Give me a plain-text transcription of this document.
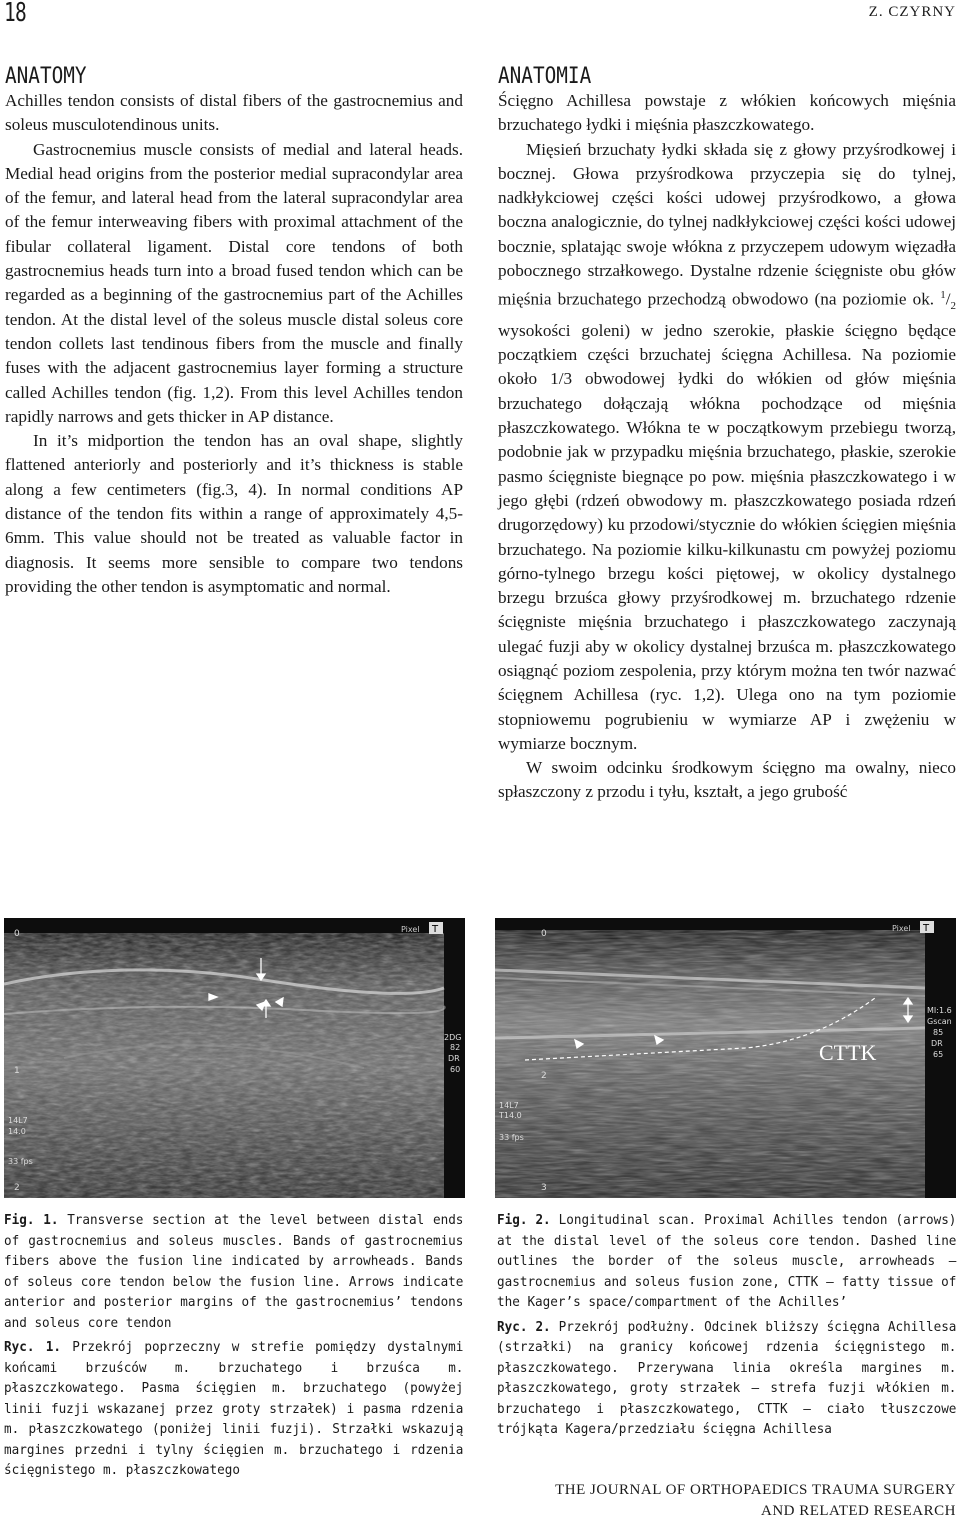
18	Z. CZYRNY
ANATOMY

Achilles tendon consists of distal fibers of the gastrocnemius and soleus musculotendinous units.

Gastrocnemius muscle consists of medial and lateral heads. Medial head origins from the posterior medial supracondylar area of the femur, and lateral head from the lateral supracondylar area of the femur interweaving fibers with proximal attachment of the fibular collateral ligament. Distal core tendons of both gastrocnemius heads turn into a broad fused tendon which can be regarded as a beginning of the gastrocnemius part of the Achilles tendon. At the distal level of the soleus muscle distal soleus core tendon collets last tendinous fibers from the muscle and finally fuses with the adjacent gastrocnemius layer forming a structure called Achilles tendon (fig. 1,2). From this level Achilles tendon rapidly narrows and gets thicker in AP distance.

In it’s midportion the tendon has an oval shape, slightly flattened anteriorly and posteriorly and it’s thickness is stable along a few centimeters (fig.3, 4). In normal conditions AP distance of the tendon fits within a range of approximately 4,5-6mm. This value should not be treated as valuable factor in diagnosis. It seems more sensible to compare two tendons providing the other tendon is asymptomatic and normal.

ANATOMIA

Ścięgno Achillesa powstaje z włókien końcowych mięśnia brzuchatego łydki i mięśnia płaszczkowatego.

Mięsień brzuchaty łydki składa się z głowy przyśrodkowej i bocznej. Głowa przyśrodkowa przyczepia się do tylnej, nadkłykciowej części kości udowej przyśrodkowo, a głowa boczna analogicznie, do tylnej nadkłykciowej części kości udowej bocznie, splatając swoje włókna z przyczepem udowym więzadła pobocznego strzałkowego. Dystalne rdzenie ścięgniste obu głów mięśnia brzuchatego przechodzą obwodowo (na poziomie ok. $^1/_2$ wysokości goleni) w jedno szerokie, płaskie ścięgno będące początkiem części brzuchatej ścięgna Achillesa. Na poziomie około 1/3 obwodowej łydki do włókien od głów mięśnia brzuchatego dołączają włókna pochodzące od mięśnia płaszczkowatego. Włókna te w początkowym przebiegu tworzą, podobnie jak w przypadku mięśnia brzuchatego, płaskie, szerokie pasmo ścięgniste biegnące po pow. mięśnia płaszczkowatego i w jego głębi (rdzeń obwodowy m. płaszczkowatego posiada rdzeń drugorzędowy) ku przodowi/stycznie do włókien ścięgien mięśnia brzuchatego. Na poziomie kilku-kilkunastu cm powyżej poziomu górno-tylnego brzegu kości piętowej, w okolicy dystalnego brzegu brzuśca głowy przyśrodkowej m. brzuchatego rdzenie ścięgniste mięśnia brzuchatego i płaszczkowatego zaczynają ulegać fuzji aby w okolicy dystalnej brzuśca m. płaszczkowatego osiągnąć poziom zespolenia, przy którym można ten twór nazwać ścięgnem Achillesa (ryc. 1,2). Ulega ono na tym poziomie stopniowemu pogrubieniu w wymiarze AP i zwężeniu w wymiarze bocznym.

W swoim odcinku środkowym ścięgno ma owalny, nieco spłaszczony z przodu i tyłu, kształt, a jego grubość

T
Pixel
0
1
2
2DG
82
DR
60
14L7
14.0
33 fps
T
Pixel
0
2
3
MI:1.6
Gscan
85
DR
65
14L7
T14.0
33 fps
CTTK

Fig. 1. Transverse section at the level between distal ends of gastrocnemius and soleus muscles. Bands of gastrocnemius fibers above the fusion line indicated by arrowheads. Bands of soleus core tendon below the fusion line. Arrows indicate anterior and posterior margins of the gastrocnemius’ tendons and soleus core tendon

Ryc. 1. Przekrój poprzeczny w strefie pomiędzy dystalnymi końcami brzuśców m. brzuchatego i brzuśca m. płaszczkowatego. Pasma ścięgien m. brzuchatego (powyżej linii fuzji wskazanej przez groty strzałek) i pasma rdzenia m. płaszczkowatego (poniżej linii fuzji). Strzałki wskazują margines przedni i tylny ścięgien m. brzuchatego i rdzenia ścięgnistego m. płaszczkowatego

Fig. 2. Longitudinal scan. Proximal Achilles tendon (arrows) at the distal level of the soleus core tendon. Dashed line outlines the border of the soleus muscle, arrowheads – gastrocnemius and soleus fusion zone, CTTK – fatty tissue of the Kager’s space/compartment of the Achilles’

Ryc. 2. Przekrój podłużny. Odcinek bliższy ścięgna Achillesa (strzałki) na granicy końcowej rdzenia ścięgnistego m. płaszczkowatego. Przerywana linia określa margines m. płaszczkowatego, groty strzałek – strefa fuzji włókien m. brzuchatego i płaszczkowatego, CTTK – ciało tłuszczowe trójkąta Kagera/przedziału ścięgna Achillesa

THE JOURNAL OF ORTHOPAEDICS TRAUMA SURGERY
AND RELATED RESEARCH
